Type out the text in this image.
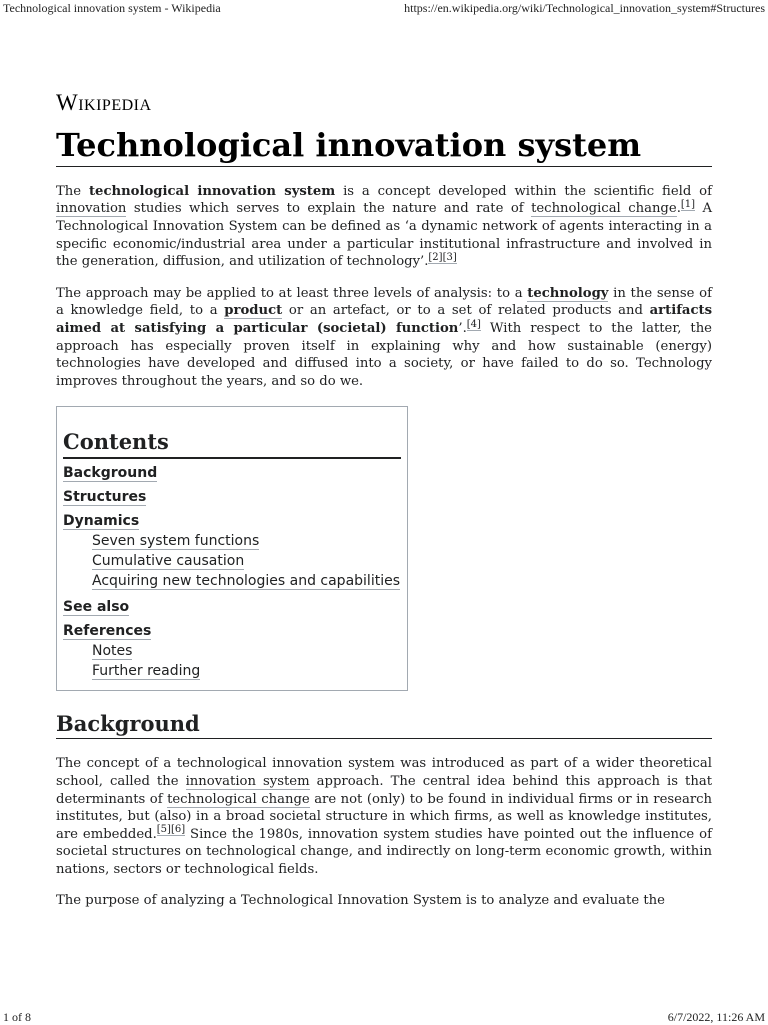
Technological innovation system - Wikipedia	https://en.wikipedia.org/wiki/Technological_innovation_system#Structures
Wikipedia
Technological innovation system

The technological innovation system is a concept developed within the scientific field of innovation studies which serves to explain the nature and rate of technological change.[1] A Technological Innovation System can be defined as ‘a dynamic network of agents interacting in a specific economic/industrial area under a particular institutional infrastructure and involved in the generation, diffusion, and utilization of technology’.[2][3]

The approach may be applied to at least three levels of analysis: to a technology in the sense of a knowledge field, to a product or an artefact, or to a set of related products and artifacts aimed at satisfying a particular (societal) function’.[4] With respect to the latter, the approach has especially proven itself in explaining why and how sustainable (energy) technologies have developed and diffused into a society, or have failed to do so. Technology improves throughout the years, and so do we.

Contents
Background
Structures
Dynamics
Seven system functions
Cumulative causation
Acquiring new technologies and capabilities
See also
References
Notes
Further reading
Background

The concept of a technological innovation system was introduced as part of a wider theoretical school, called the innovation system approach. The central idea behind this approach is that determinants of technological change are not (only) to be found in individual firms or in research institutes, but (also) in a broad societal structure in which firms, as well as knowledge institutes, are embedded.[5][6] Since the 1980s, innovation system studies have pointed out the influence of societal structures on technological change, and indirectly on long-term economic growth, within nations, sectors or technological fields.

The purpose of analyzing a Technological Innovation System is to analyze and evaluate the

1 of 8	6/7/2022, 11:26 AM
